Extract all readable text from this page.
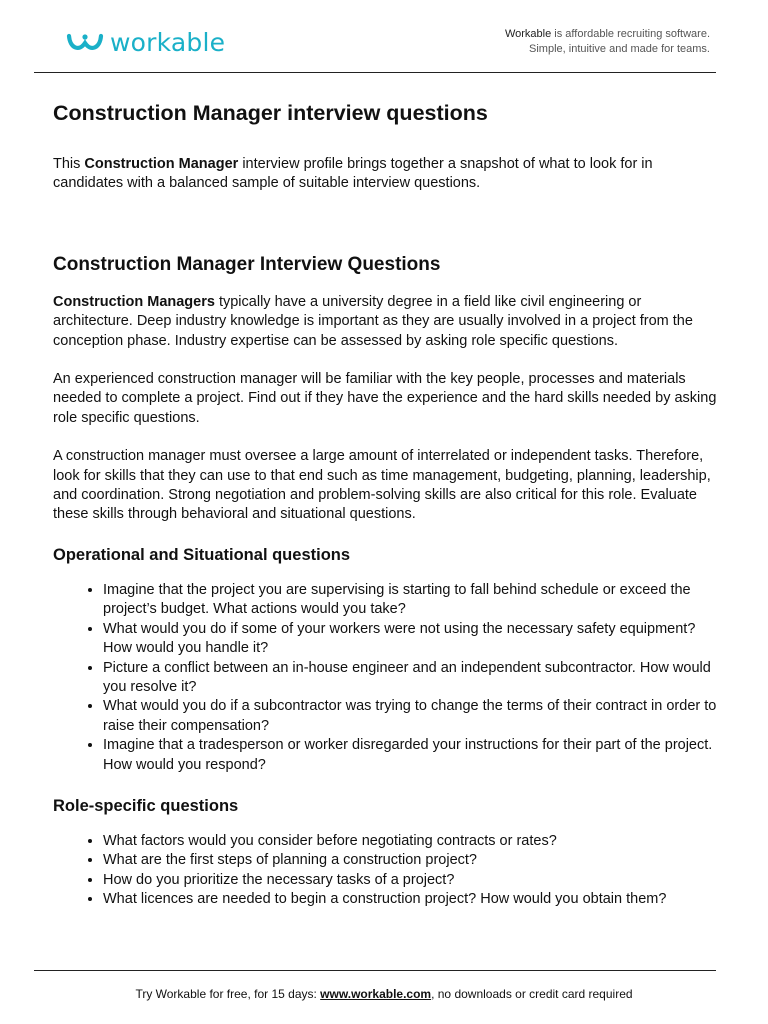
workable	Workable is affordable recruiting software.
Simple, intuitive and made for teams.
Construction Manager interview questions

This Construction Manager interview profile brings together a snapshot of what to look for in candidates with a balanced sample of suitable interview questions.

Construction Manager Interview Questions

Construction Managers typically have a university degree in a field like civil engineering or architecture. Deep industry knowledge is important as they are usually involved in a project from the conception phase. Industry expertise can be assessed by asking role specific questions.

An experienced construction manager will be familiar with the key people, processes and materials needed to complete a project. Find out if they have the experience and the hard skills needed by asking role specific questions.

A construction manager must oversee a large amount of interrelated or independent tasks. Therefore, look for skills that they can use to that end such as time management, budgeting, planning, leadership, and coordination. Strong negotiation and problem-solving skills are also critical for this role. Evaluate these skills through behavioral and situational questions.

Operational and Situational questions
• Imagine that the project you are supervising is starting to fall behind schedule or exceed the project’s budget. What actions would you take?
• What would you do if some of your workers were not using the necessary safety equipment? How would you handle it?
• Picture a conflict between an in-house engineer and an independent subcontractor. How would you resolve it?
• What would you do if a subcontractor was trying to change the terms of their contract in order to raise their compensation?
• Imagine that a tradesperson or worker disregarded your instructions for their part of the project. How would you respond?
Role-specific questions
• What factors would you consider before negotiating contracts or rates?
• What are the first steps of planning a construction project?
• How do you prioritize the necessary tasks of a project?
• What licences are needed to begin a construction project? How would you obtain them?
Try Workable for free, for 15 days: www.workable.com, no downloads or credit card required
